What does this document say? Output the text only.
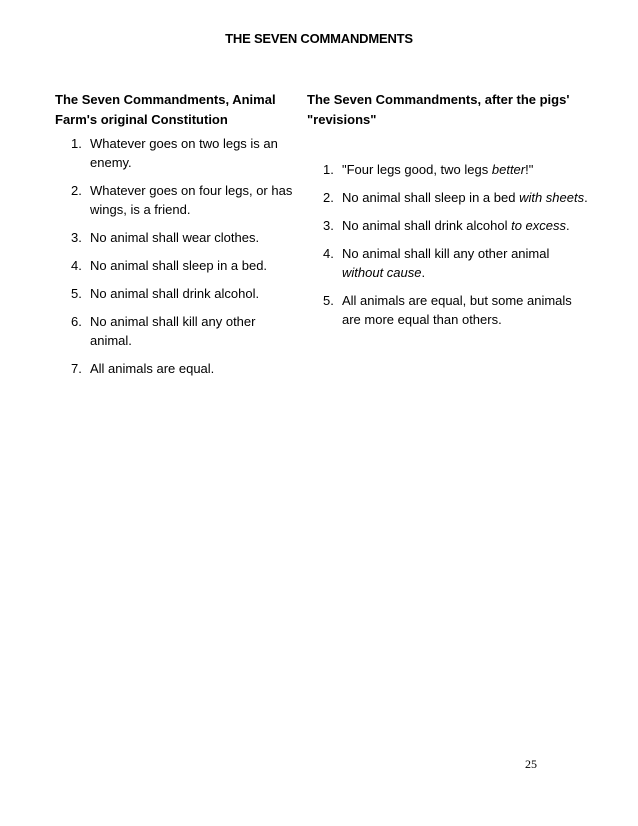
THE SEVEN COMMANDMENTS

The Seven Commandments, Animal Farm's original Constitution

1. Whatever goes on two legs is an enemy.
2. Whatever goes on four legs, or has wings, is a friend.
3. No animal shall wear clothes.
4. No animal shall sleep in a bed.
5. No animal shall drink alcohol.
6. No animal shall kill any other animal.
7. All animals are equal.

The Seven Commandments, after the pigs' "revisions"

1. "Four legs good, two legs better!"
2. No animal shall sleep in a bed with sheets.
3. No animal shall drink alcohol to excess.
4. No animal shall kill any other animal without cause.
5. All animals are equal, but some animals are more equal than others.
25
